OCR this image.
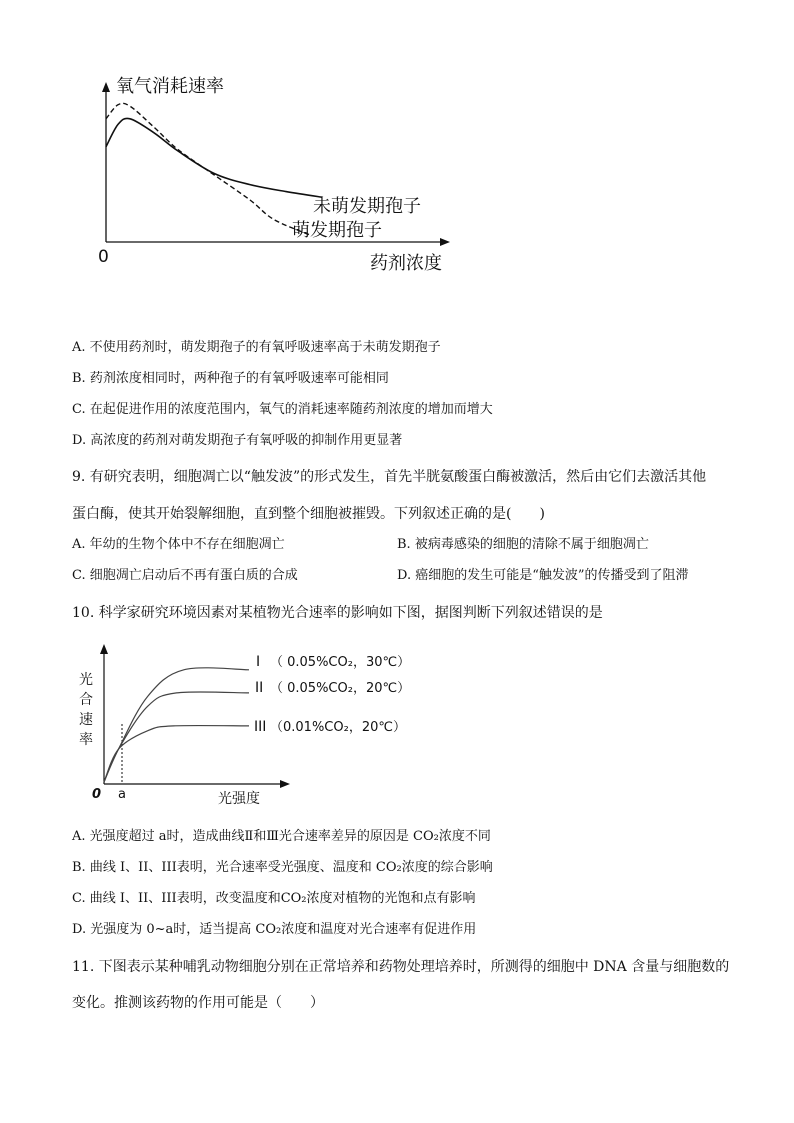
氧气消耗速率
0	药剂浓度
未萌发期孢子
萌发期孢子
A. 不使用药剂时，萌发期孢子的有氧呼吸速率高于未萌发期孢子
B. 药剂浓度相同时，两种孢子的有氧呼吸速率可能相同
C. 在起促进作用的浓度范围内，氧气的消耗速率随药剂浓度的增加而增大
D. 高浓度的药剂对萌发期孢子有氧呼吸的抑制作用更显著
9. 有研究表明，细胞凋亡以“触发波”的形式发生，首先半胱氨酸蛋白酶被激活，然后由它们去激活其他
蛋白酶，使其开始裂解细胞，直到整个细胞被摧毁。下列叙述正确的是(　　)
A. 年幼的生物个体中不存在细胞凋亡	B. 被病毒感染的细胞的清除不属于细胞凋亡
C. 细胞凋亡启动后不再有蛋白质的合成	D. 癌细胞的发生可能是“触发波”的传播受到了阻滞
10. 科学家研究环境因素对某植物光合速率的影响如下图，据图判断下列叙述错误的是
光
合
速
率
0 a	光强度
I （ 0.05%CO₂，30℃）
II （ 0.05%CO₂，20℃）
III （0.01%CO₂，20℃）
A. 光强度超过 a时，造成曲线Ⅱ和Ⅲ光合速率差异的原因是 CO₂浓度不同
B. 曲线 I、II、III表明，光合速率受光强度、温度和 CO₂浓度的综合影响
C. 曲线 I、II、III表明，改变温度和CO₂浓度对植物的光饱和点有影响
D. 光强度为 0~a时，适当提高 CO₂浓度和温度对光合速率有促进作用
11. 下图表示某种哺乳动物细胞分别在正常培养和药物处理培养时，所测得的细胞中 DNA 含量与细胞数的
变化。推测该药物的作用可能是（　　）
